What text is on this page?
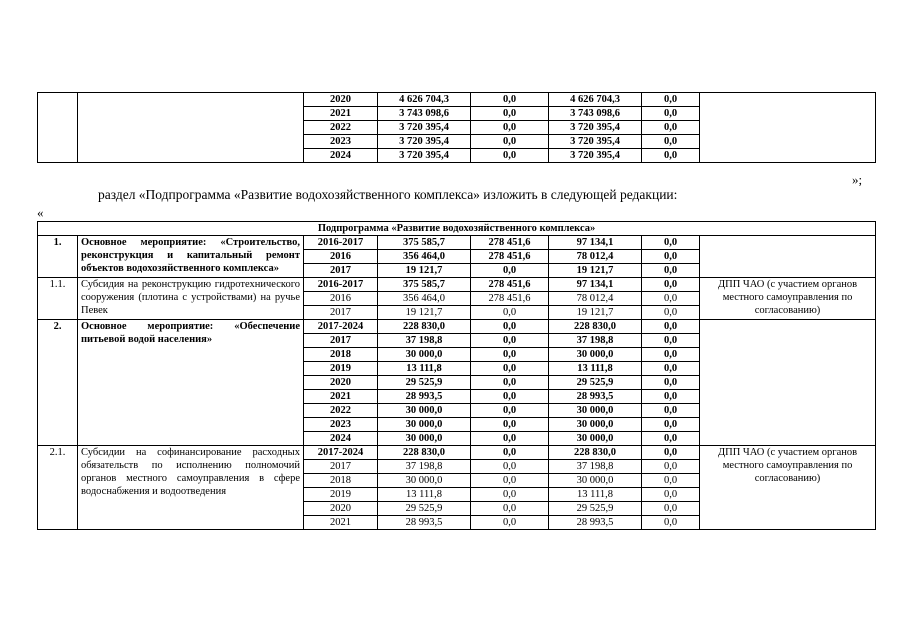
		2020	4 626 704,3	0,0	4 626 704,3	0,0	
		2021	3 743 098,6	0,0	3 743 098,6	0,0	
		2022	3 720 395,4	0,0	3 720 395,4	0,0	
		2023	3 720 395,4	0,0	3 720 395,4	0,0	
		2024	3 720 395,4	0,0	3 720 395,4	0,0	
»;
раздел «Подпрограмма «Развитие водохозяйственного комплекса» изложить в следующей редакции:
«
Подпрограмма «Развитие водохозяйственного комплекса»							
1.	Основное мероприятие: «Строительство, реконструкция и капитальный ремонт объектов водохозяйственного комплекса»	2016-2017	375 585,7	278 451,6	97 134,1	0,0	
		2016	356 464,0	278 451,6	78 012,4	0,0	
		2017	19 121,7	0,0	19 121,7	0,0	
1.1.	Субсидия на реконструкцию гидротехнического сооружения (плотина с устройствами) на ручье Певек	2016-2017	375 585,7	278 451,6	97 134,1	0,0	ДПП ЧАО (с участием органов местного самоуправления по согласованию)
		2016	356 464,0	278 451,6	78 012,4	0,0	
		2017	19 121,7	0,0	19 121,7	0,0	
2.	Основное мероприятие: «Обеспечение питьевой водой населения»	2017-2024	228 830,0	0,0	228 830,0	0,0	
		2017	37 198,8	0,0	37 198,8	0,0	
		2018	30 000,0	0,0	30 000,0	0,0	
		2019	13 111,8	0,0	13 111,8	0,0	
		2020	29 525,9	0,0	29 525,9	0,0	
		2021	28 993,5	0,0	28 993,5	0,0	
		2022	30 000,0	0,0	30 000,0	0,0	
		2023	30 000,0	0,0	30 000,0	0,0	
		2024	30 000,0	0,0	30 000,0	0,0	
2.1.	Субсидии на софинансирование расходных обязательств по исполнению полномочий органов местного самоуправления в сфере водоснабжения и водоотведения	2017-2024	228 830,0	0,0	228 830,0	0,0	ДПП ЧАО (с участием органов местного самоуправления по согласованию)
		2017	37 198,8	0,0	37 198,8	0,0	
		2018	30 000,0	0,0	30 000,0	0,0	
		2019	13 111,8	0,0	13 111,8	0,0	
		2020	29 525,9	0,0	29 525,9	0,0	
		2021	28 993,5	0,0	28 993,5	0,0	
